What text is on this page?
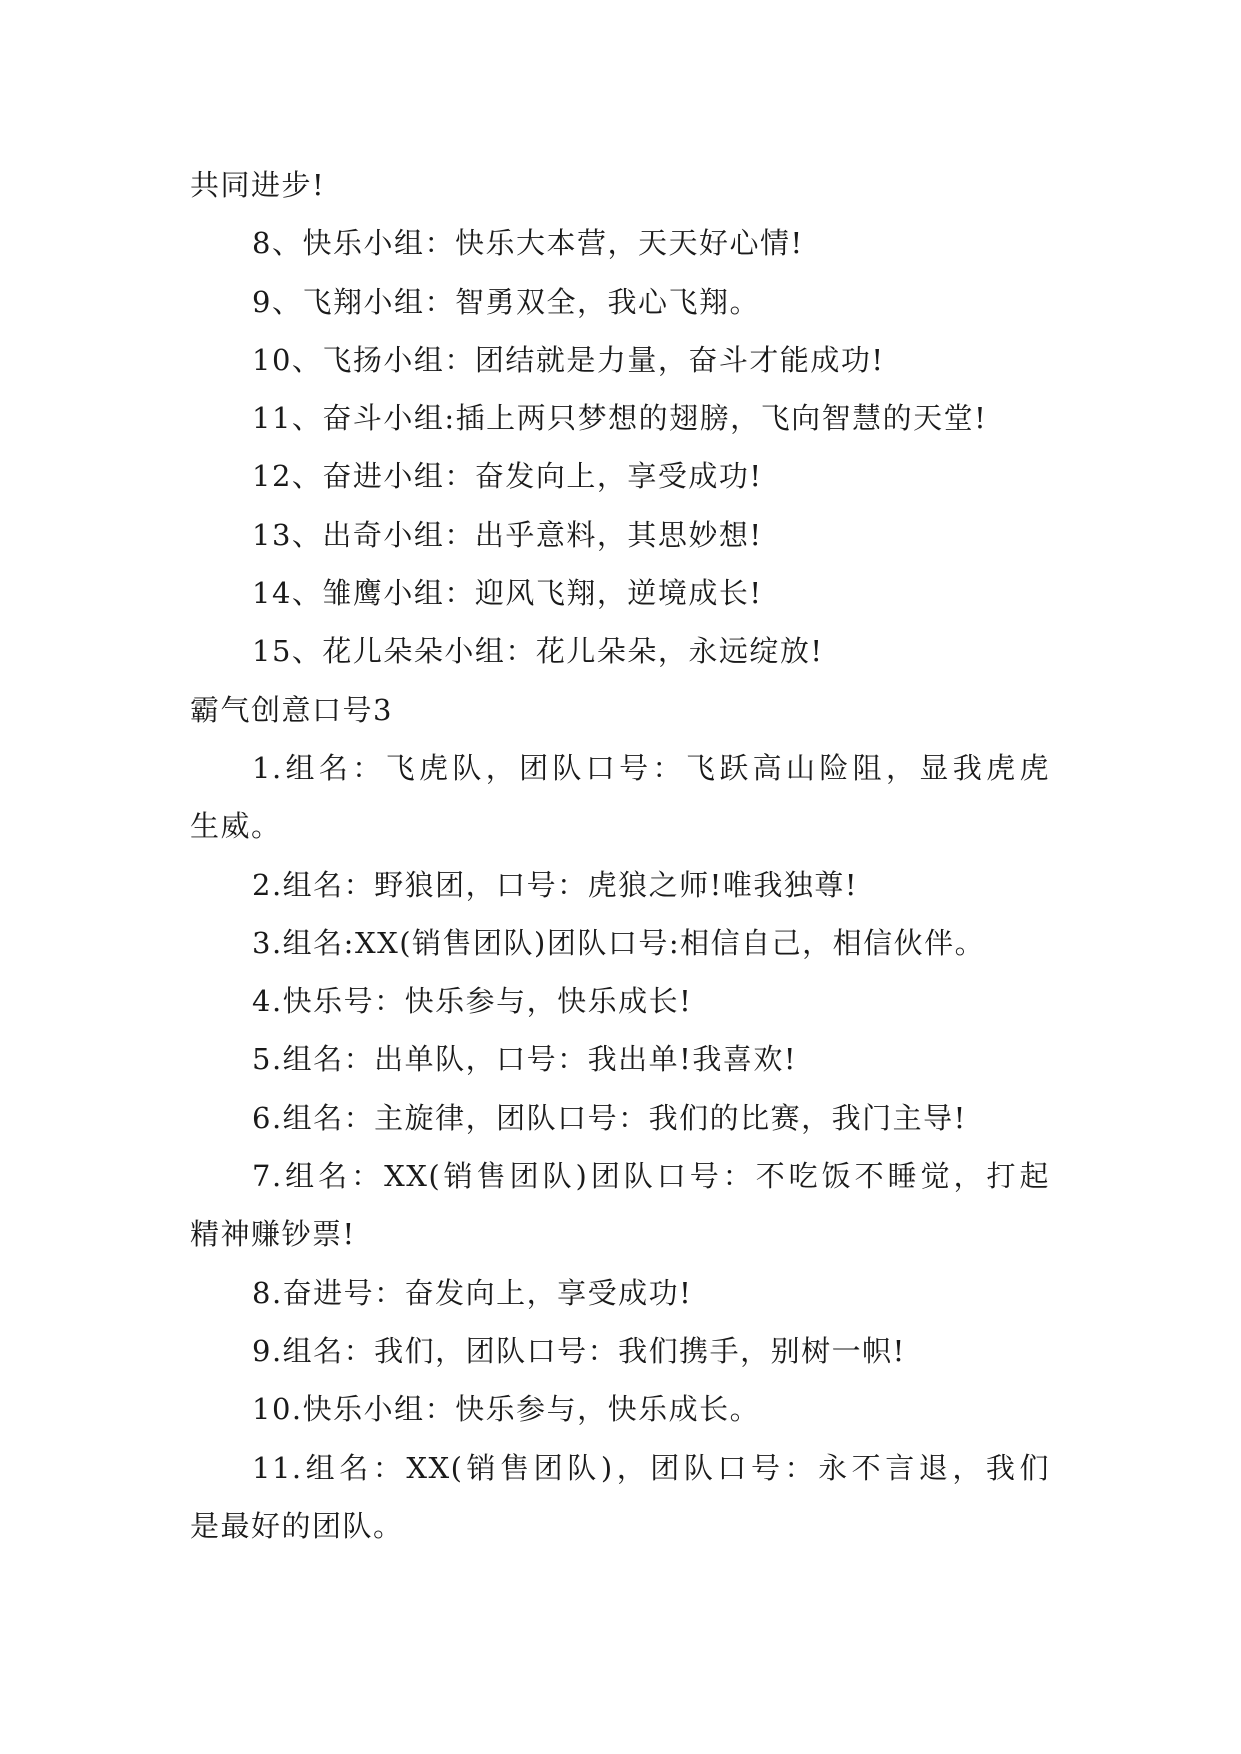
共同进步!
8、快乐小组：快乐大本营，天天好心情!
9、飞翔小组：智勇双全，我心飞翔。
10、飞扬小组：团结就是力量，奋斗才能成功!
11、奋斗小组:插上两只梦想的翅膀，飞向智慧的天堂!
12、奋进小组：奋发向上，享受成功!
13、出奇小组：出乎意料，其思妙想!
14、雏鹰小组：迎风飞翔，逆境成长!
15、花儿朵朵小组：花儿朵朵，永远绽放!
霸气创意口号3
1.组名：飞虎队，团队口号：飞跃高山险阻，显我虎虎
生威。
2.组名：野狼团，口号：虎狼之师!唯我独尊!
3.组名:XX(销售团队)团队口号:相信自己，相信伙伴。
4.快乐号：快乐参与，快乐成长!
5.组名：出单队，口号：我出单!我喜欢!
6.组名：主旋律，团队口号：我们的比赛，我门主导!
7.组名：XX(销售团队)团队口号：不吃饭不睡觉，打起
精神赚钞票!
8.奋进号：奋发向上，享受成功!
9.组名：我们，团队口号：我们携手，别树一帜!
10.快乐小组：快乐参与，快乐成长。
11.组名：XX(销售团队)，团队口号：永不言退，我们
是最好的团队。
